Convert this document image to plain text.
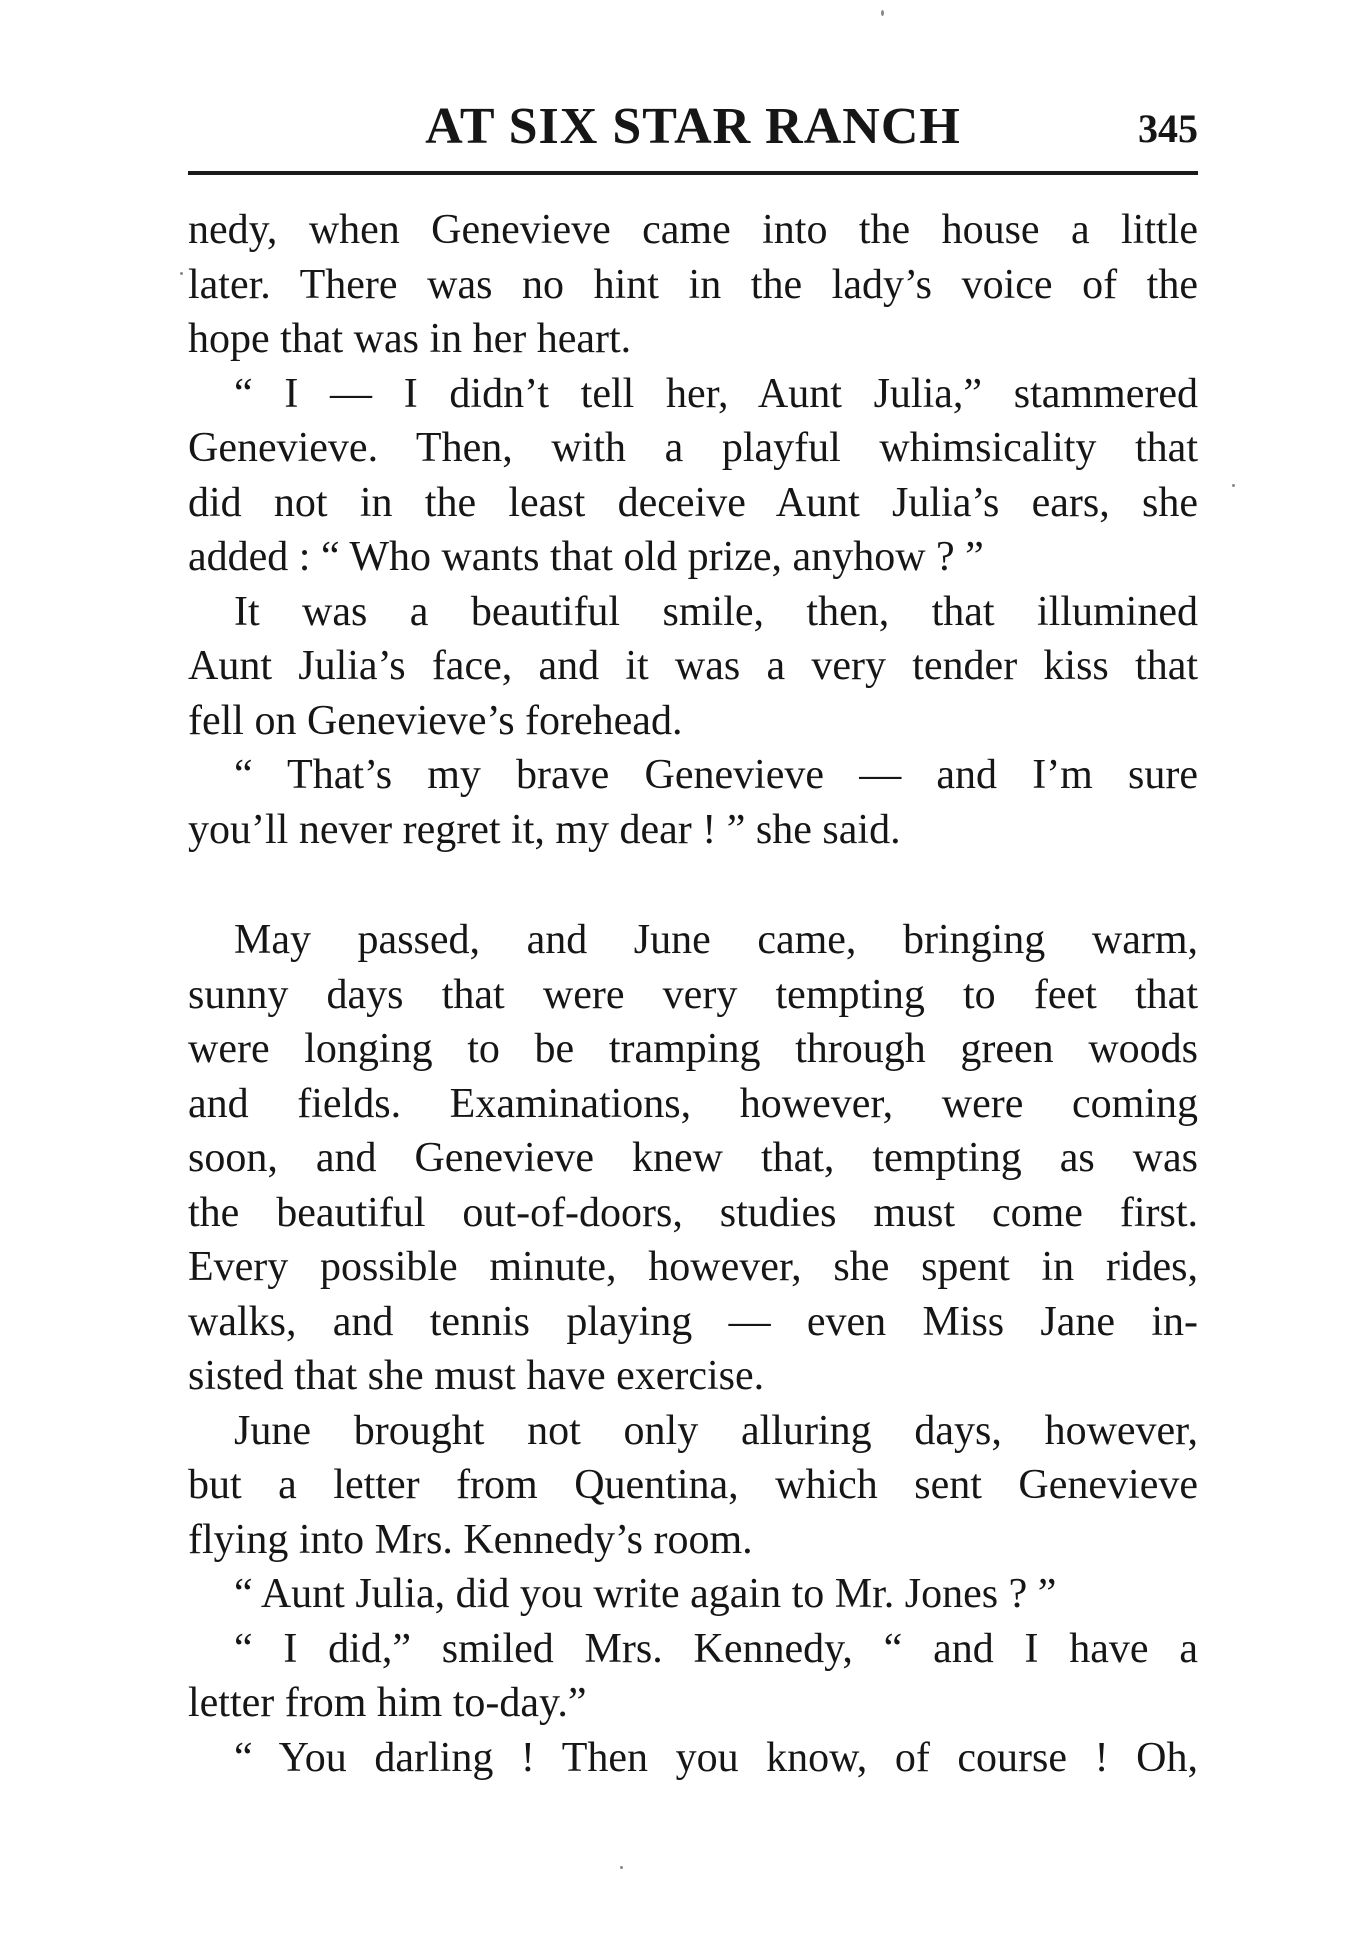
AT SIX STAR RANCH	345
nedy, when Genevieve came into the house a little
later. There was no hint in the lady’s voice of the
hope that was in her heart.
“ I — I didn’t tell her, Aunt Julia,” stammered
Genevieve. Then, with a playful whimsicality that
did not in the least deceive Aunt Julia’s ears, she
added : “ Who wants that old prize, anyhow ? ”
It was a beautiful smile, then, that illumined
Aunt Julia’s face, and it was a very tender kiss that
fell on Genevieve’s forehead.
“ That’s my brave Genevieve — and I’m sure
you’ll never regret it, my dear ! ” she said.
May passed, and June came, bringing warm,
sunny days that were very tempting to feet that
were longing to be tramping through green woods
and fields. Examinations, however, were coming
soon, and Genevieve knew that, tempting as was
the beautiful out-of-doors, studies must come first.
Every possible minute, however, she spent in rides,
walks, and tennis playing — even Miss Jane in-
sisted that she must have exercise.
June brought not only alluring days, however,
but a letter from Quentina, which sent Genevieve
flying into Mrs. Kennedy’s room.
“ Aunt Julia, did you write again to Mr. Jones ? ”
“ I did,” smiled Mrs. Kennedy, “ and I have a
letter from him to-day.”
“ You darling ! Then you know, of course ! Oh,
